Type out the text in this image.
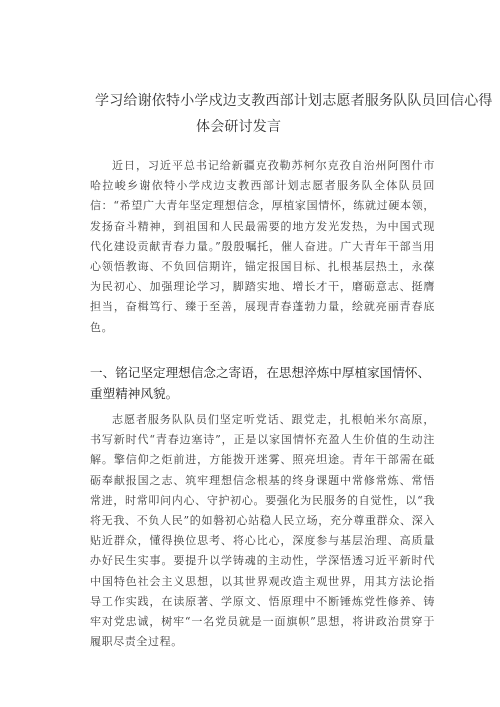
学习给谢依特小学戍边支教西部计划志愿者服务队队员回信心得
体会研讨发言
近日，习近平总书记给新疆克孜勒苏柯尔克孜自治州阿图什市哈拉峻乡谢依特小学戍边支教西部计划志愿者服务队全体队员回信：“希望广大青年坚定理想信念，厚植家国情怀，练就过硬本领，发扬奋斗精神，到祖国和人民最需要的地方发光发热，为中国式现代化建设贡献青春力量。”殷殷嘱托，催人奋进。广大青年干部当用心领悟教诲、不负回信期许，锚定报国目标、扎根基层热土，永葆为民初心、加强理论学习，脚踏实地、增长才干，磨砺意志、挺膺担当，奋楫笃行、臻于至善，展现青春蓬勃力量，绘就亮丽青春底色。
一、铭记坚定理想信念之寄语，在思想淬炼中厚植家国情怀、重塑精神风貌。
志愿者服务队队员们坚定听党话、跟党走，扎根帕米尔高原，书写新时代“青春边塞诗”，正是以家国情怀充盈人生价值的生动注解。擎信仰之炬前进，方能拨开迷雾、照亮坦途。青年干部需在砥砺奉献报国之志、筑牢理想信念根基的终身课题中常修常炼、常悟常进，时常叩问内心、守护初心。要强化为民服务的自觉性，以“我将无我、不负人民”的如磐初心站稳人民立场，充分尊重群众、深入贴近群众，懂得换位思考、将心比心，深度参与基层治理、高质量办好民生实事。要提升以学铸魂的主动性，学深悟透习近平新时代中国特色社会主义思想，以其世界观改造主观世界，用其方法论指导工作实践，在读原著、学原文、悟原理中不断锤炼党性修养、铸牢对党忠诚，树牢“一名党员就是一面旗帜”思想，将讲政治贯穿于履职尽责全过程。
